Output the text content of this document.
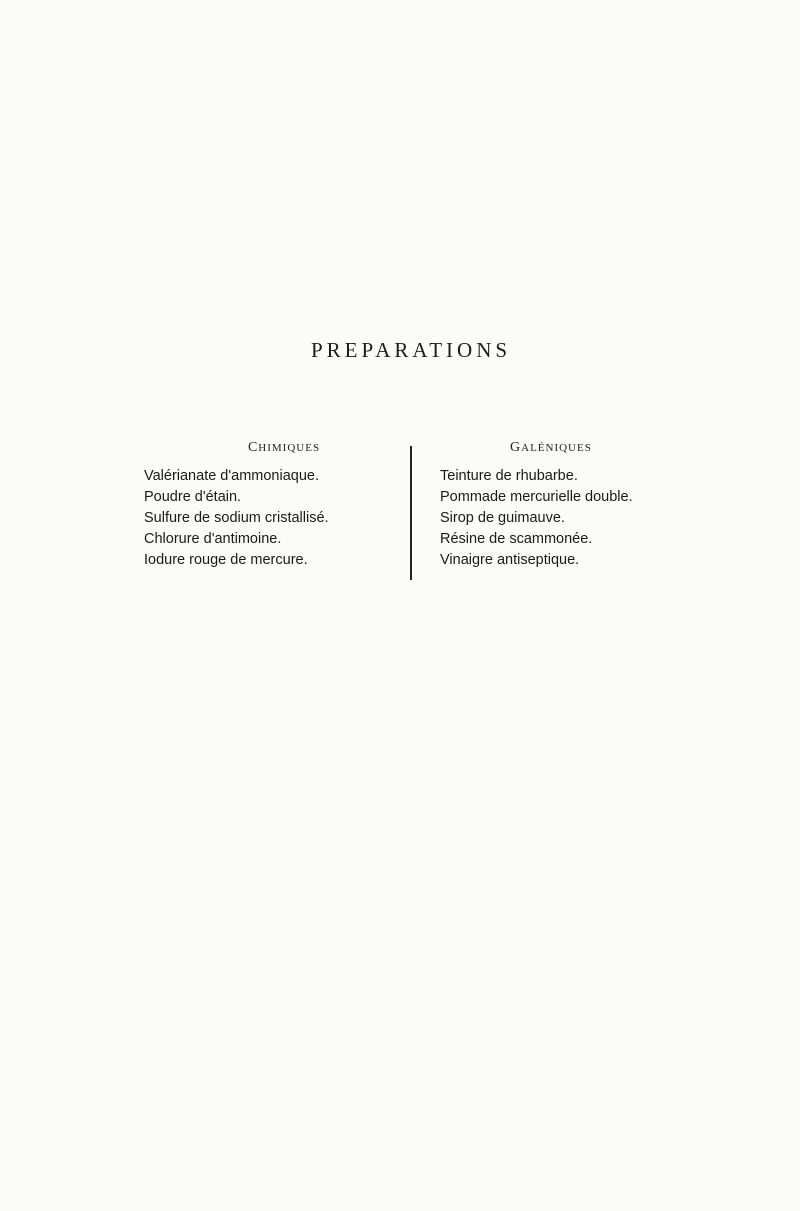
PREPARATIONS
CHIMIQUES
Valérianate d'ammoniaque.
Poudre d'étain.
Sulfure de sodium cristallisé.
Chlorure d'antimoine.
Iodure rouge de mercure.
GALÉNIQUES
Teinture de rhubarbe.
Pommade mercurielle double.
Sirop de guimauve.
Résine de scammonée.
Vinaigre antiseptique.
